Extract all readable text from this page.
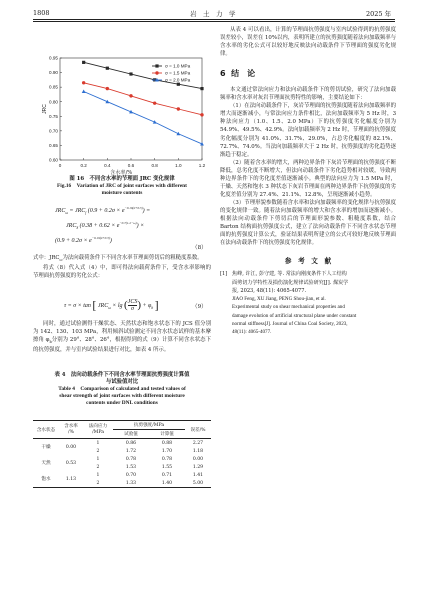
1808	岩　土　力　学	2025 年
0.60
0.65
0.70
0.75
0.80
0.85
0.90
0.95
0	0.2	0.4	0.6	0.8	1.0	1.2
JRC
σ = 1.0 MPa
σ = 1.5 MPa
σ = 2.0 MPa
含水率/%
图 16　不同含水率的节理面 JRC 变化规律
Fig.16　Variation of JRC of joint surfaces with different
moisture contents
$JRC_\omega = JRC_f$ $(0.9 + 0.2\sigma \times e^{-0.19(\sigma+0.3)})$ =
$JRC_S$ $(0.38 + 0.62 \times e^{-0.7(1.2-\omega)})$ ×
$(0.9 + 0.2\sigma \times e^{-0.19(\sigma+0.3)})$
（8）

式中：$JRC_\omega$为法向载荷条件下不同含水率节理面剪切后的粗糙度系数。

将式（8）代入式（4）中，即可得法向载荷条件下，受含水率影响的节理面抗剪强度的劣化公式：

τ = σ × tan [ $JRC_\omega \times \lg$ ( JCS
σ ) + $\varphi_b$ ]	（9）

同时，通过试验测得干燥状态、天然状态和饱水状态下的 JCS 值分别为 142、130、103 MPa，利用倾斜试验测定不同含水状态试样的基本摩擦角 $\varphi_b$分别为 29°、28°、26°，根据得到的式（9）计算不同含水状态下的抗剪强度，并与室内试验结果进行对比，如表 4 所示。

表 4　法向动载条件下不同含水率节理面抗剪强度计算值
与试验值对比
Table 4　Comparison of calculated and tested values of
shear strength of joint surfaces with different moisture
contents under DNL conditions
含水状态	含水率
/%	法向应力
/MPa	抗剪强度/MPa		误差/%
			试验值	计算值	
干燥	0.00	1	0.86	0.88	2.27
		2	1.72	1.70	1.18
天然	0.53	1	0.78	0.78	0.00
		2	1.53	1.55	1.29
饱水	1.13	1	0.70	0.71	1.41
		2	1.33	1.40	5.00

从表 4 可以看出，计算的节理面抗剪强度与室内试验得到的抗剪强度误差较小，误差在 10%以内，表明所建立的抗剪强度随着法向加载频率与含水率的劣化公式可以较好地反映法向动载条件下节理面的强度劣化规律。

6 结　论

本文通过常法向应力和法向动载条件下的剪切试验，研究了法向加载频率和含水率对灰岩节理面抗剪特性的影响，主要结论如下：

（1）在法向动载条件下，灰岩节理面的抗剪强度随着法向加载频率的增大而逐渐减小，与常法向应力条件相比，法向加载频率为 5 Hz 时，3 种法向应力（1.0、1.5、2.0 MPa）下的抗剪强度劣化幅度分别为 54.9%、49.5%、42.9%。法向加载频率为 2 Hz 时，节理面的抗剪强度劣化幅度分别为 41.0%、31.7%、29.0%，占总劣化幅度的 82.1%、72.7%、74.0%。当法向加载频率大于 2 Hz 时，抗剪强度的劣化趋势逐渐趋于稳定。

（2）随着含水率的增大，两种边界条件下灰岩节理面的抗剪强度不断降低，总劣化度不断增大，但法向动载条件下劣化趋势相对较缓，导致两种边界条件下的劣化度差值逐渐减小。典型的法向应力为 1.5 MPa 时，干燥、天然和饱水 3 种状态下灰岩节理面在两种边界条件下抗剪强度的劣化度差值分别为 27.4%、21.1%、12.8%，呈现逐渐减小趋势。

（3）节理形貌参数随着含水率和法向加载频率的变化规律与抗剪强度的变化规律一致。随着法向加载频率的增大和含水率的增加而逐渐减小。根据法向动载条件下剪切后的节理面形貌参数、粗糙度系数，结合 Barton 结构面抗剪强度公式，建立了法向动载条件下不同含水状态节理面的抗剪强度计算公式，验证结果表明所建立的公式可较好地反映节理面在法向动载条件下的抗剪强度劣化规律。

参　考　文　献
[1] 焦峰, 许江, 彭守建, 等. 常法向刚度条件下人工结构
面剪切力学特性及损伤演化规律试验研究[J]. 煤炭学
报, 2023, 48(11): 4065-4077.
JIAO Feng, XU Jiang, PENG Shou-jian, et al.
Experimental study on shear mechanical properties and
damage evolution of artificial structural plane under constant
normal stiffness[J]. Journal of China Coal Society, 2023,
48(11): 4065-4077.
